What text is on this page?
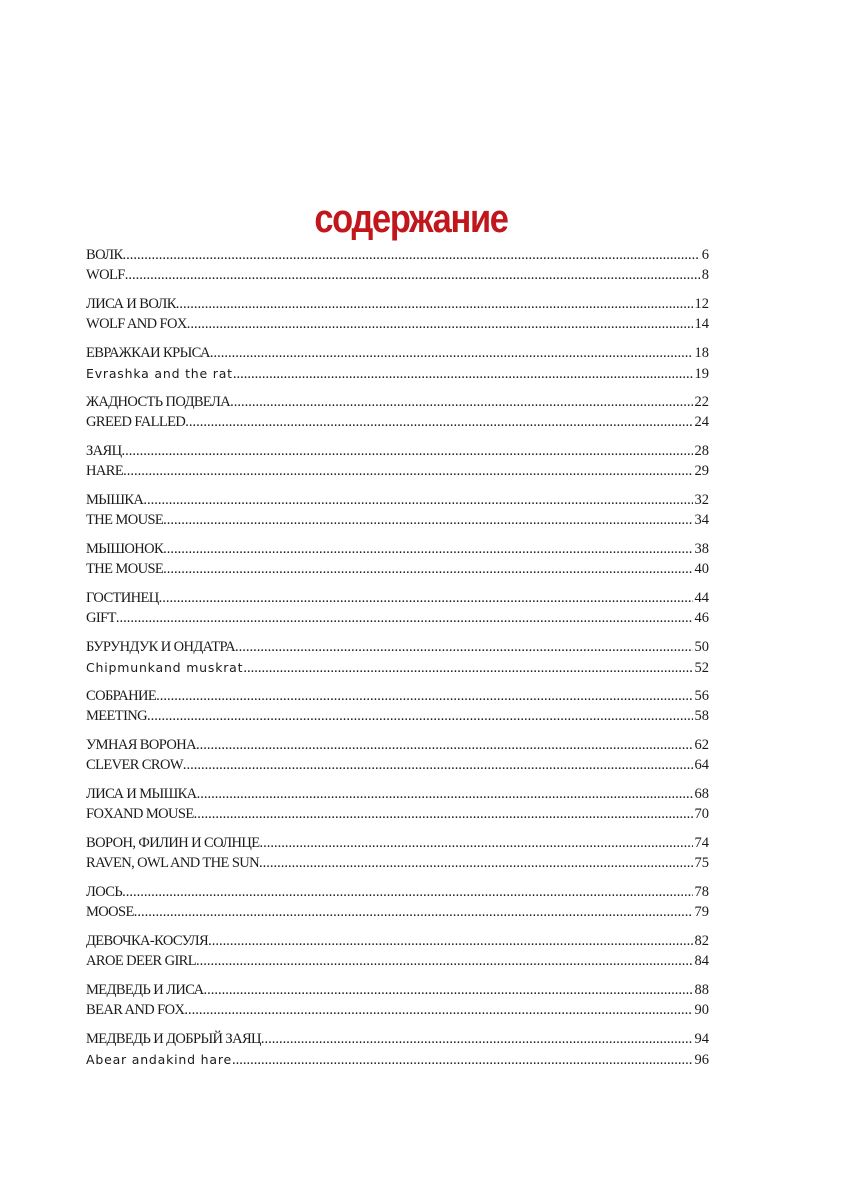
содержание
ВОЛК .....	6
WOLF .....	8
ЛИСА И ВОЛК .....	12
WOLF AND FOX .....	14
ЕВРАЖКАИ КРЫСА .....	18
Evrashka and the rat .....	19
ЖАДНОСТЬ ПОДВЕЛА .....	22
GREED FALLED .....	24
ЗАЯЦ .....	28
HARE .....	29
МЫШКА .....	32
THE MOUSE .....	34
МЫШОНОК .....	38
THE MOUSE .....	40
ГОСТИНЕЦ .....	44
GIFT .....	46
БУРУНДУК И ОНДАТРА .....	50
Chipmunkand muskrat .....	52
СОБРАНИЕ .....	56
MEETING .....	58
УМНАЯ ВОРОНА .....	62
CLEVER CROW .....	64
ЛИСА И МЫШКА .....	68
FOXAND MOUSE .....	70
ВОРОН, ФИЛИН И СОЛНЦЕ .....	74
RAVEN, OWL AND THE SUN .....	75
ЛОСЬ .....	78
MOOSE .....	79
ДЕВОЧКА-КОСУЛЯ .....	82
AROE DEER GIRL .....	84
МЕДВЕДЬ И ЛИСА .....	88
BEAR AND FOX .....	90
МЕДВЕДЬ И ДОБРЫЙ ЗАЯЦ .....	94
Abear andakind hare .....	96
